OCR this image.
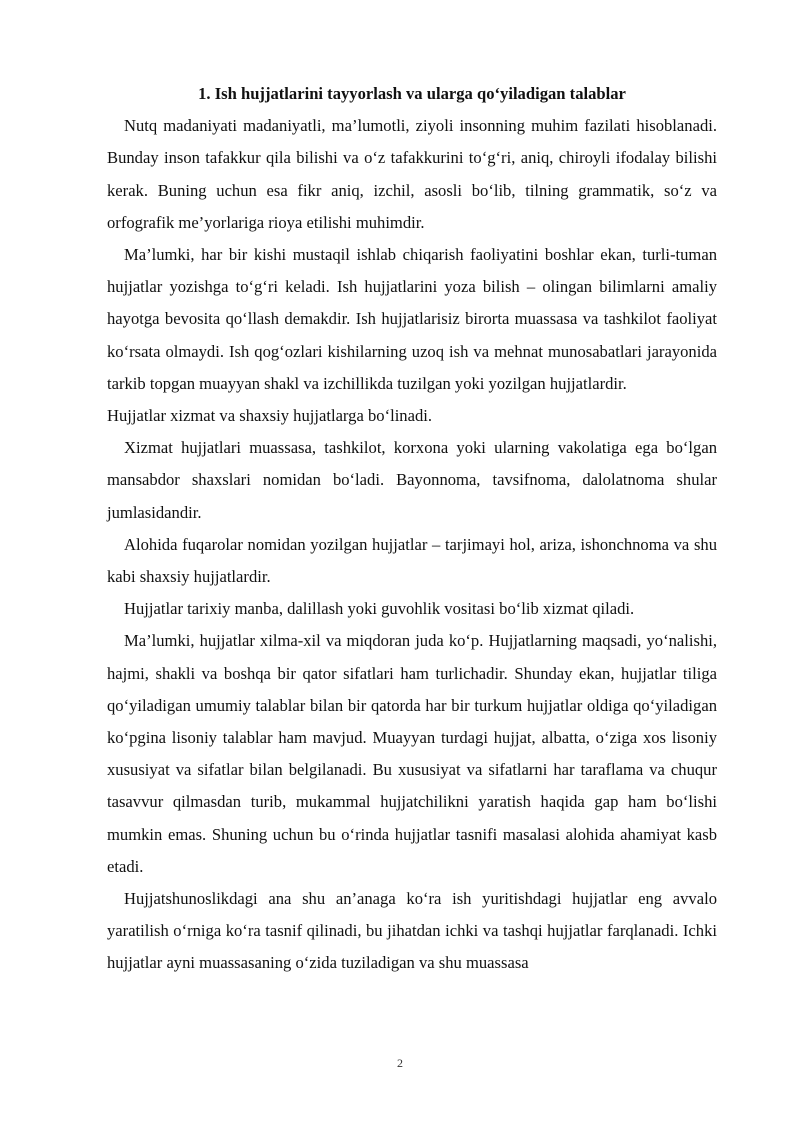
1. Ish hujjatlarini tayyorlash va ularga qo‘yiladigan talablar

Nutq madaniyati madaniyatli, ma’lumotli, ziyoli insonning muhim fazilati hisoblanadi. Bunday inson tafakkur qila bilishi va o‘z tafakkurini to‘g‘ri, aniq, chiroyli ifodalay bilishi kerak. Buning uchun esa fikr aniq, izchil, asosli bo‘lib, tilning grammatik, so‘z va orfografik me’yorlariga rioya etilishi muhimdir.

Ma’lumki, har bir kishi mustaqil ishlab chiqarish faoliyatini boshlar ekan, turli-tuman hujjatlar yozishga to‘g‘ri keladi. Ish hujjatlarini yoza bilish – olingan bilimlarni amaliy hayotga bevosita qo‘llash demakdir. Ish hujjatlarisiz birorta muassasa va tashkilot faoliyat ko‘rsata olmaydi. Ish qog‘ozlari kishilarning uzoq ish va mehnat munosabatlari jarayonida tarkib topgan muayyan shakl va izchillikda tuzilgan yoki yozilgan hujjatlardir.

Hujjatlar xizmat va shaxsiy hujjatlarga bo‘linadi.

Xizmat hujjatlari muassasa, tashkilot, korxona yoki ularning vakolatiga ega bo‘lgan mansabdor shaxslari nomidan bo‘ladi. Bayonnoma, tavsifnoma, dalolatnoma shular jumlasidandir.

Alohida fuqarolar nomidan yozilgan hujjatlar – tarjimayi hol, ariza, ishonchnoma va shu kabi shaxsiy hujjatlardir.

Hujjatlar tarixiy manba, dalillash yoki guvohlik vositasi bo‘lib xizmat qiladi.

Ma’lumki, hujjatlar xilma-xil va miqdoran juda ko‘p. Hujjatlarning maqsadi, yo‘nalishi, hajmi, shakli va boshqa bir qator sifatlari ham turlichadir. Shunday ekan, hujjatlar tiliga qo‘yiladigan umumiy talablar bilan bir qatorda har bir turkum hujjatlar oldiga qo‘yiladigan ko‘pgina lisoniy talablar ham mavjud. Muayyan turdagi hujjat, albatta, o‘ziga xos lisoniy xususiyat va sifatlar bilan belgilanadi. Bu xususiyat va sifatlarni har taraflama va chuqur tasavvur qilmasdan turib, mukammal hujjatchilikni yaratish haqida gap ham bo‘lishi mumkin emas. Shuning uchun bu o‘rinda hujjatlar tasnifi masalasi alohida ahamiyat kasb etadi.

Hujjatshunoslikdagi ana shu an’anaga ko‘ra ish yuritishdagi hujjatlar eng avvalo yaratilish o‘rniga ko‘ra tasnif qilinadi, bu jihatdan ichki va tashqi hujjatlar farqlanadi. Ichki hujjatlar ayni muassasaning o‘zida tuziladigan va shu muassasa

2
